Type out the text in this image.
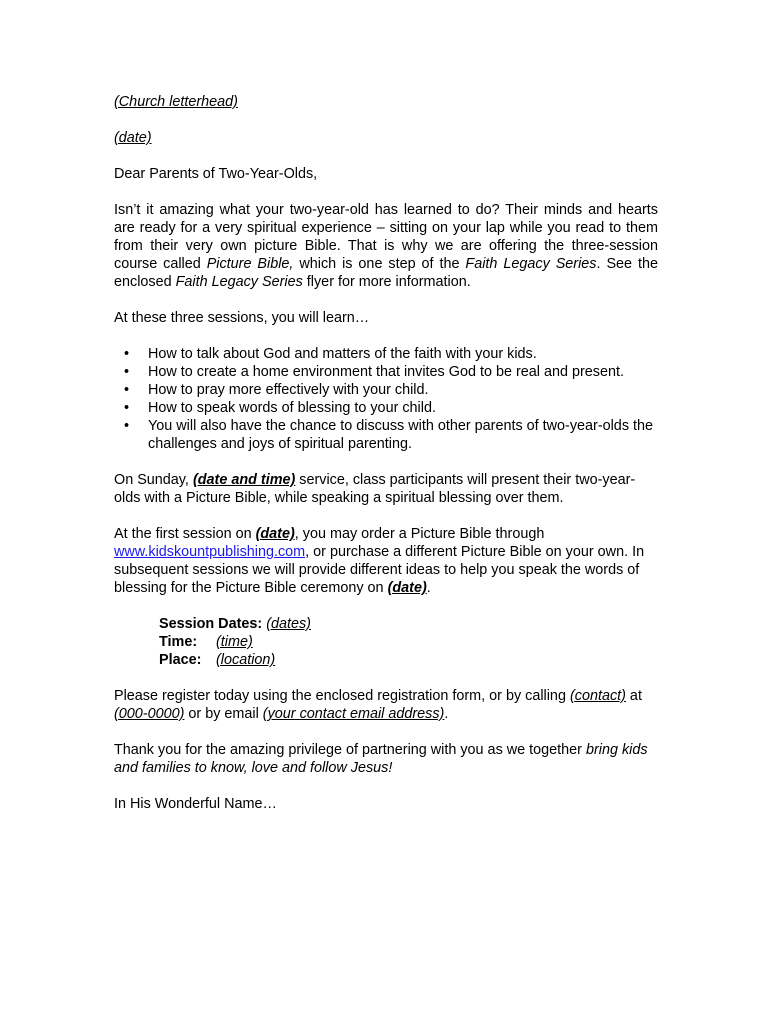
(Church letterhead)

(date)

Dear Parents of Two-Year-Olds,

Isn’t it amazing what your two-year-old has learned to do? Their minds and hearts are ready for a very spiritual experience – sitting on your lap while you read to them from their very own picture Bible. That is why we are offering the three-session course called Picture Bible, which is one step of the Faith Legacy Series. See the enclosed Faith Legacy Series flyer for more information.

At these three sessions, you will learn…

• How to talk about God and matters of the faith with your kids.
• How to create a home environment that invites God to be real and present.
• How to pray more effectively with your child.
• How to speak words of blessing to your child.
• You will also have the chance to discuss with other parents of two-year-olds the challenges and joys of spiritual parenting.

On Sunday, (date and time) service, class participants will present their two-year-olds with a Picture Bible, while speaking a spiritual blessing over them.

At the first session on (date), you may order a Picture Bible through www.kidskountpublishing.com, or purchase a different Picture Bible on your own. In subsequent sessions we will provide different ideas to help you speak the words of blessing for the Picture Bible ceremony on (date).

Session Dates: (dates)

Time: (time)

Place: (location)

Please register today using the enclosed registration form, or by calling (contact) at (000-0000) or by email (your contact email address).

Thank you for the amazing privilege of partnering with you as we together bring kids and families to know, love and follow Jesus!

In His Wonderful Name…
